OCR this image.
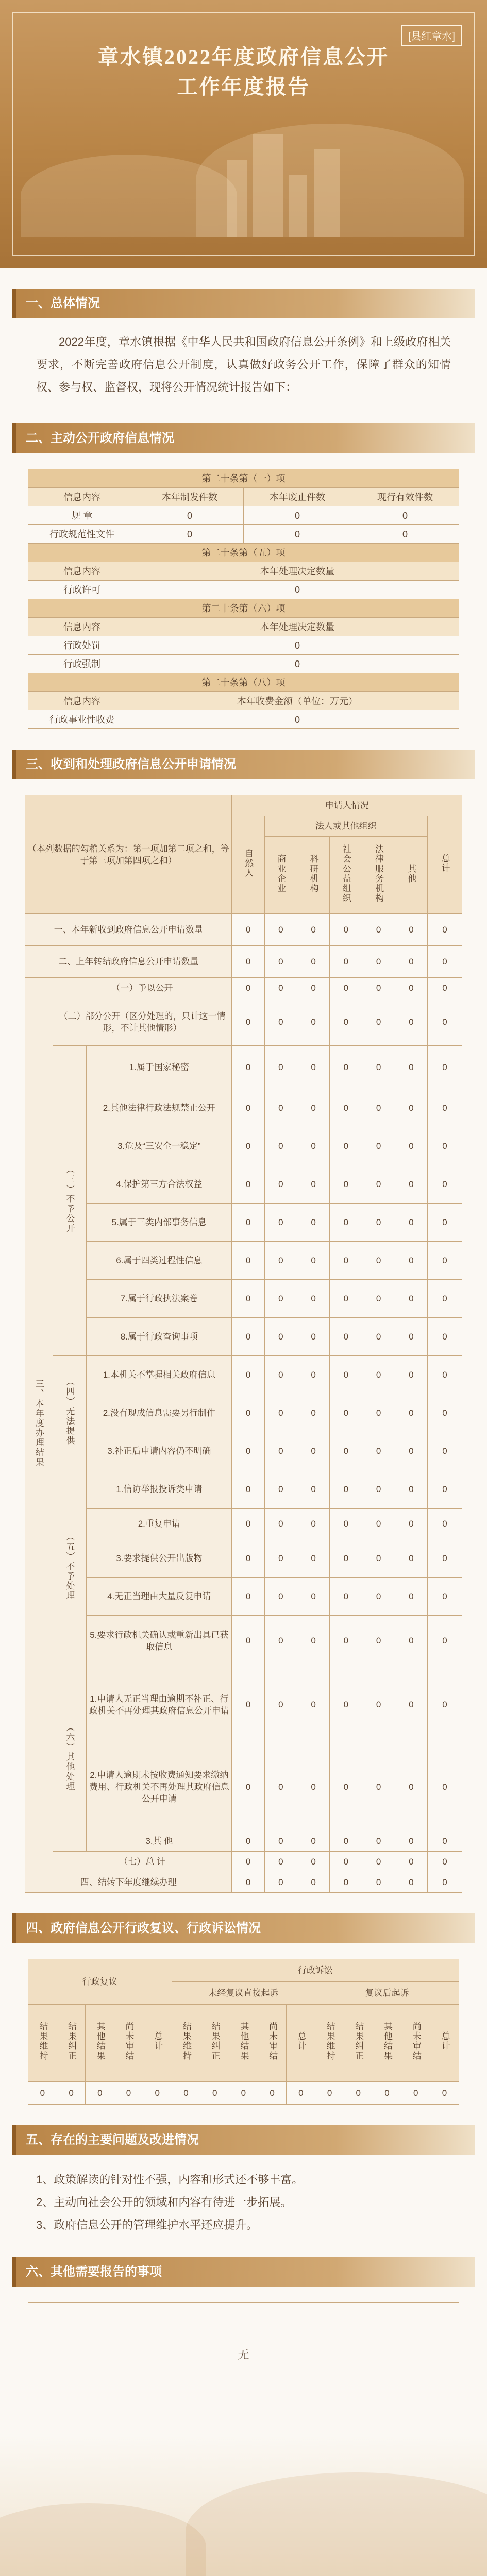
[县红章水]
章水镇2022年度政府信息公开
工作年度报告
一、总体情况

2022年度，章水镇根据《中华人民共和国政府信息公开条例》和上级政府相关要求，不断完善政府信息公开制度，认真做好政务公开工作，保障了群众的知情权、参与权、监督权，现将公开情况统计报告如下：

二、主动公开政府信息情况
第二十条第（一）项			
信息内容	本年制发件数	本年废止件数	现行有效件数
规 章	0	0	0
行政规范性文件	0	0	0
第二十条第（五）项			
信息内容	本年处理决定数量		
行政许可	0		
第二十条第（六）项			
信息内容	本年处理决定数量		
行政处罚	0		
行政强制	0		
第二十条第（八）项			
信息内容	本年收费金额（单位：万元）		
行政事业性收费	0		
三、收到和处理政府信息公开申请情况
（本列数据的勾稽关系为：第一项加第二项之和，等于第三项加第四项之和）			申请人情况						
			自然人	法人或其他组织					总计
				商业企业	科研机构	社会公益组织	法律服务机构	其他	
一、本年新收到政府信息公开申请数量			0	0	0	0	0	0	0
二、上年转结政府信息公开申请数量			0	0	0	0	0	0	0
三、本年度办理结果	（一）予以公开		0	0	0	0	0	0	0
	（二）部分公开（区分处理的，只计这一情形，不计其他情形）		0	0	0	0	0	0	0
	（三）不予公开	1.属于国家秘密	0	0	0	0	0	0	0
		2.其他法律行政法规禁止公开	0	0	0	0	0	0	0
		3.危及“三安全一稳定”	0	0	0	0	0	0	0
		4.保护第三方合法权益	0	0	0	0	0	0	0
		5.属于三类内部事务信息	0	0	0	0	0	0	0
		6.属于四类过程性信息	0	0	0	0	0	0	0
		7.属于行政执法案卷	0	0	0	0	0	0	0
		8.属于行政查询事项	0	0	0	0	0	0	0
	（四）无法提供	1.本机关不掌握相关政府信息	0	0	0	0	0	0	0
		2.没有现成信息需要另行制作	0	0	0	0	0	0	0
		3.补正后申请内容仍不明确	0	0	0	0	0	0	0
	（五）不予处理	1.信访举报投诉类申请	0	0	0	0	0	0	0
		2.重复申请	0	0	0	0	0	0	0
		3.要求提供公开出版物	0	0	0	0	0	0	0
		4.无正当理由大量反复申请	0	0	0	0	0	0	0
		5.要求行政机关确认或重新出具已获取信息	0	0	0	0	0	0	0
	（六）其他处理	1.申请人无正当理由逾期不补正、行政机关不再处理其政府信息公开申请	0	0	0	0	0	0	0
		2.申请人逾期未按收费通知要求缴纳费用、行政机关不再处理其政府信息公开申请	0	0	0	0	0	0	0
		3.其 他	0	0	0	0	0	0	0
	（七）总 计		0	0	0	0	0	0	0
四、结转下年度继续办理			0	0	0	0	0	0	0
四、政府信息公开行政复议、行政诉讼情况
行政复议					行政诉讼									
					未经复议直接起诉					复议后起诉				
结果维持	结果纠正	其他结果	尚未审结	总计	结果维持	结果纠正	其他结果	尚未审结	总计	结果维持	结果纠正	其他结果	尚未审结	总计
0	0	0	0	0	0	0	0	0	0	0	0	0	0	0
五、存在的主要问题及改进情况

1、政策解读的针对性不强，内容和形式还不够丰富。

2、主动向社会公开的领域和内容有待进一步拓展。

3、政府信息公开的管理维护水平还应提升。

六、其他需要报告的事项
无
